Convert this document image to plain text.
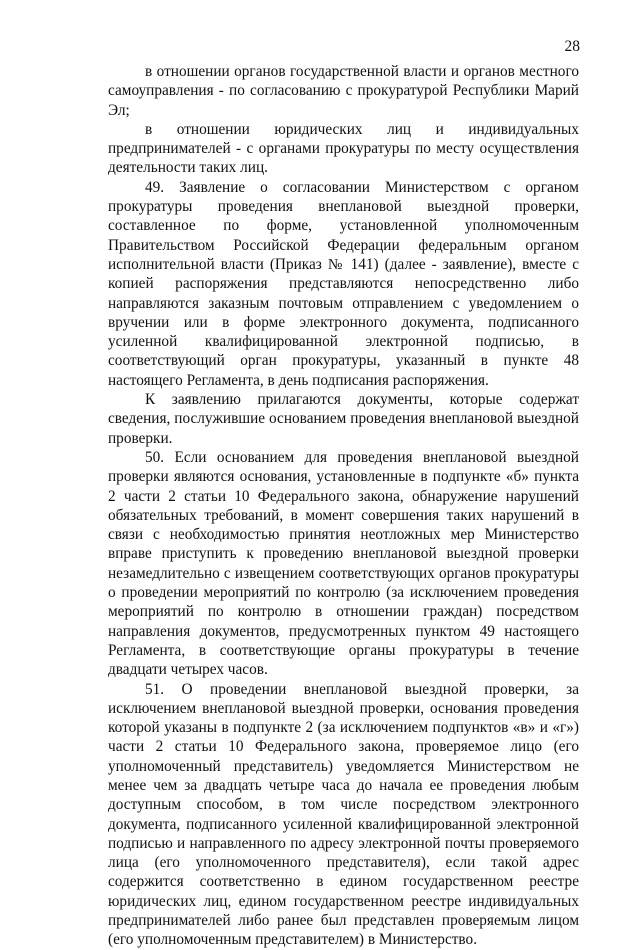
28

в отношении органов государственной власти и органов местного самоуправления - по согласованию с прокуратурой Республики Марий Эл;

в отношении юридических лиц и индивидуальных предпринимателей - с органами прокуратуры по месту осуществления деятельности таких лиц.

49. Заявление о согласовании Министерством с органом прокуратуры проведения внеплановой выездной проверки, составленное по форме, установленной уполномоченным Правительством Российской Федерации федеральным органом исполнительной власти (Приказ № 141) (далее - заявление), вместе с копией распоряжения представляются непосредственно либо направляются заказным почтовым отправлением с уведомлением о вручении или в форме электронного документа, подписанного усиленной квалифицированной электронной подписью, в соответствующий орган прокуратуры, указанный в пункте 48 настоящего Регламента, в день подписания распоряжения.

К заявлению прилагаются документы, которые содержат сведения, послужившие основанием проведения внеплановой выездной проверки.

50. Если основанием для проведения внеплановой выездной проверки являются основания, установленные в подпункте «б» пункта 2 части 2 статьи 10 Федерального закона, обнаружение нарушений обязательных требований, в момент совершения таких нарушений в связи с необходимостью принятия неотложных мер Министерство вправе приступить к проведению внеплановой выездной проверки незамедлительно с извещением соответствующих органов прокуратуры о проведении мероприятий по контролю (за исключением проведения мероприятий по контролю в отношении граждан) посредством направления документов, предусмотренных пунктом 49 настоящего Регламента, в соответствующие органы прокуратуры в течение двадцати четырех часов.

51. О проведении внеплановой выездной проверки, за исключением внеплановой выездной проверки, основания проведения которой указаны в подпункте 2 (за исключением подпунктов «в» и «г») части 2 статьи 10 Федерального закона, проверяемое лицо (его уполномоченный представитель) уведомляется Министерством не менее чем за двадцать четыре часа до начала ее проведения любым доступным способом, в том числе посредством электронного документа, подписанного усиленной квалифицированной электронной подписью и направленного по адресу электронной почты проверяемого лица (его уполномоченного представителя), если такой адрес содержится соответственно в едином государственном реестре юридических лиц, едином государственном реестре индивидуальных предпринимателей либо ранее был представлен проверяемым лицом (его уполномоченным представителем) в Министерство.
